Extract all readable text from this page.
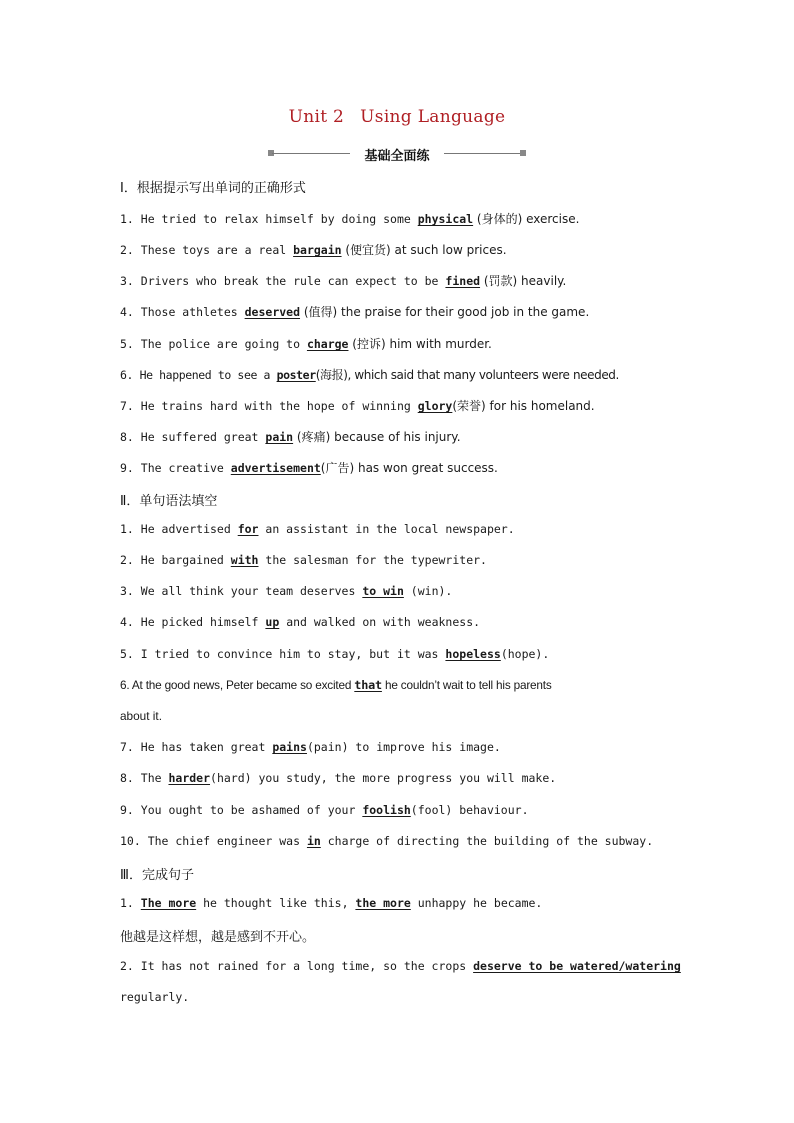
Unit 2 Using Language
基础全面练
Ⅰ．根据提示写出单词的正确形式
1. He tried to relax himself by doing some physical (身体的) exercise.
2. These toys are a real bargain (便宜货) at such low prices.
3. Drivers who break the rule can expect to be fined (罚款) heavily.
4. Those athletes deserved (值得) the praise for their good job in the game.
5. The police are going to charge (控诉) him with murder.
6. He happened to see a poster(海报), which said that many volunteers were needed.
7. He trains hard with the hope of winning glory(荣誉) for his homeland.
8. He suffered great pain (疼痛) because of his injury.
9. The creative advertisement(广告) has won great success.
Ⅱ．单句语法填空
1. He advertised for an assistant in the local newspaper.
2. He bargained with the salesman for the typewriter.
3. We all think your team deserves to win (win).
4. He picked himself up and walked on with weakness.
5. I tried to convince him to stay, but it was hopeless(hope).
6. At the good news, Peter became so excited that he couldn’t wait to tell his parents
about it.
7. He has taken great pains(pain) to improve his image.
8. The harder(hard) you study, the more progress you will make.
9. You ought to be ashamed of your foolish(fool) behaviour.
10. The chief engineer was in charge of directing the building of the subway.
Ⅲ．完成句子
1. The more he thought like this, the more unhappy he became.
他越是这样想，越是感到不开心。
2. It has not rained for a long time, so the crops deserve to be watered/watering
regularly.
